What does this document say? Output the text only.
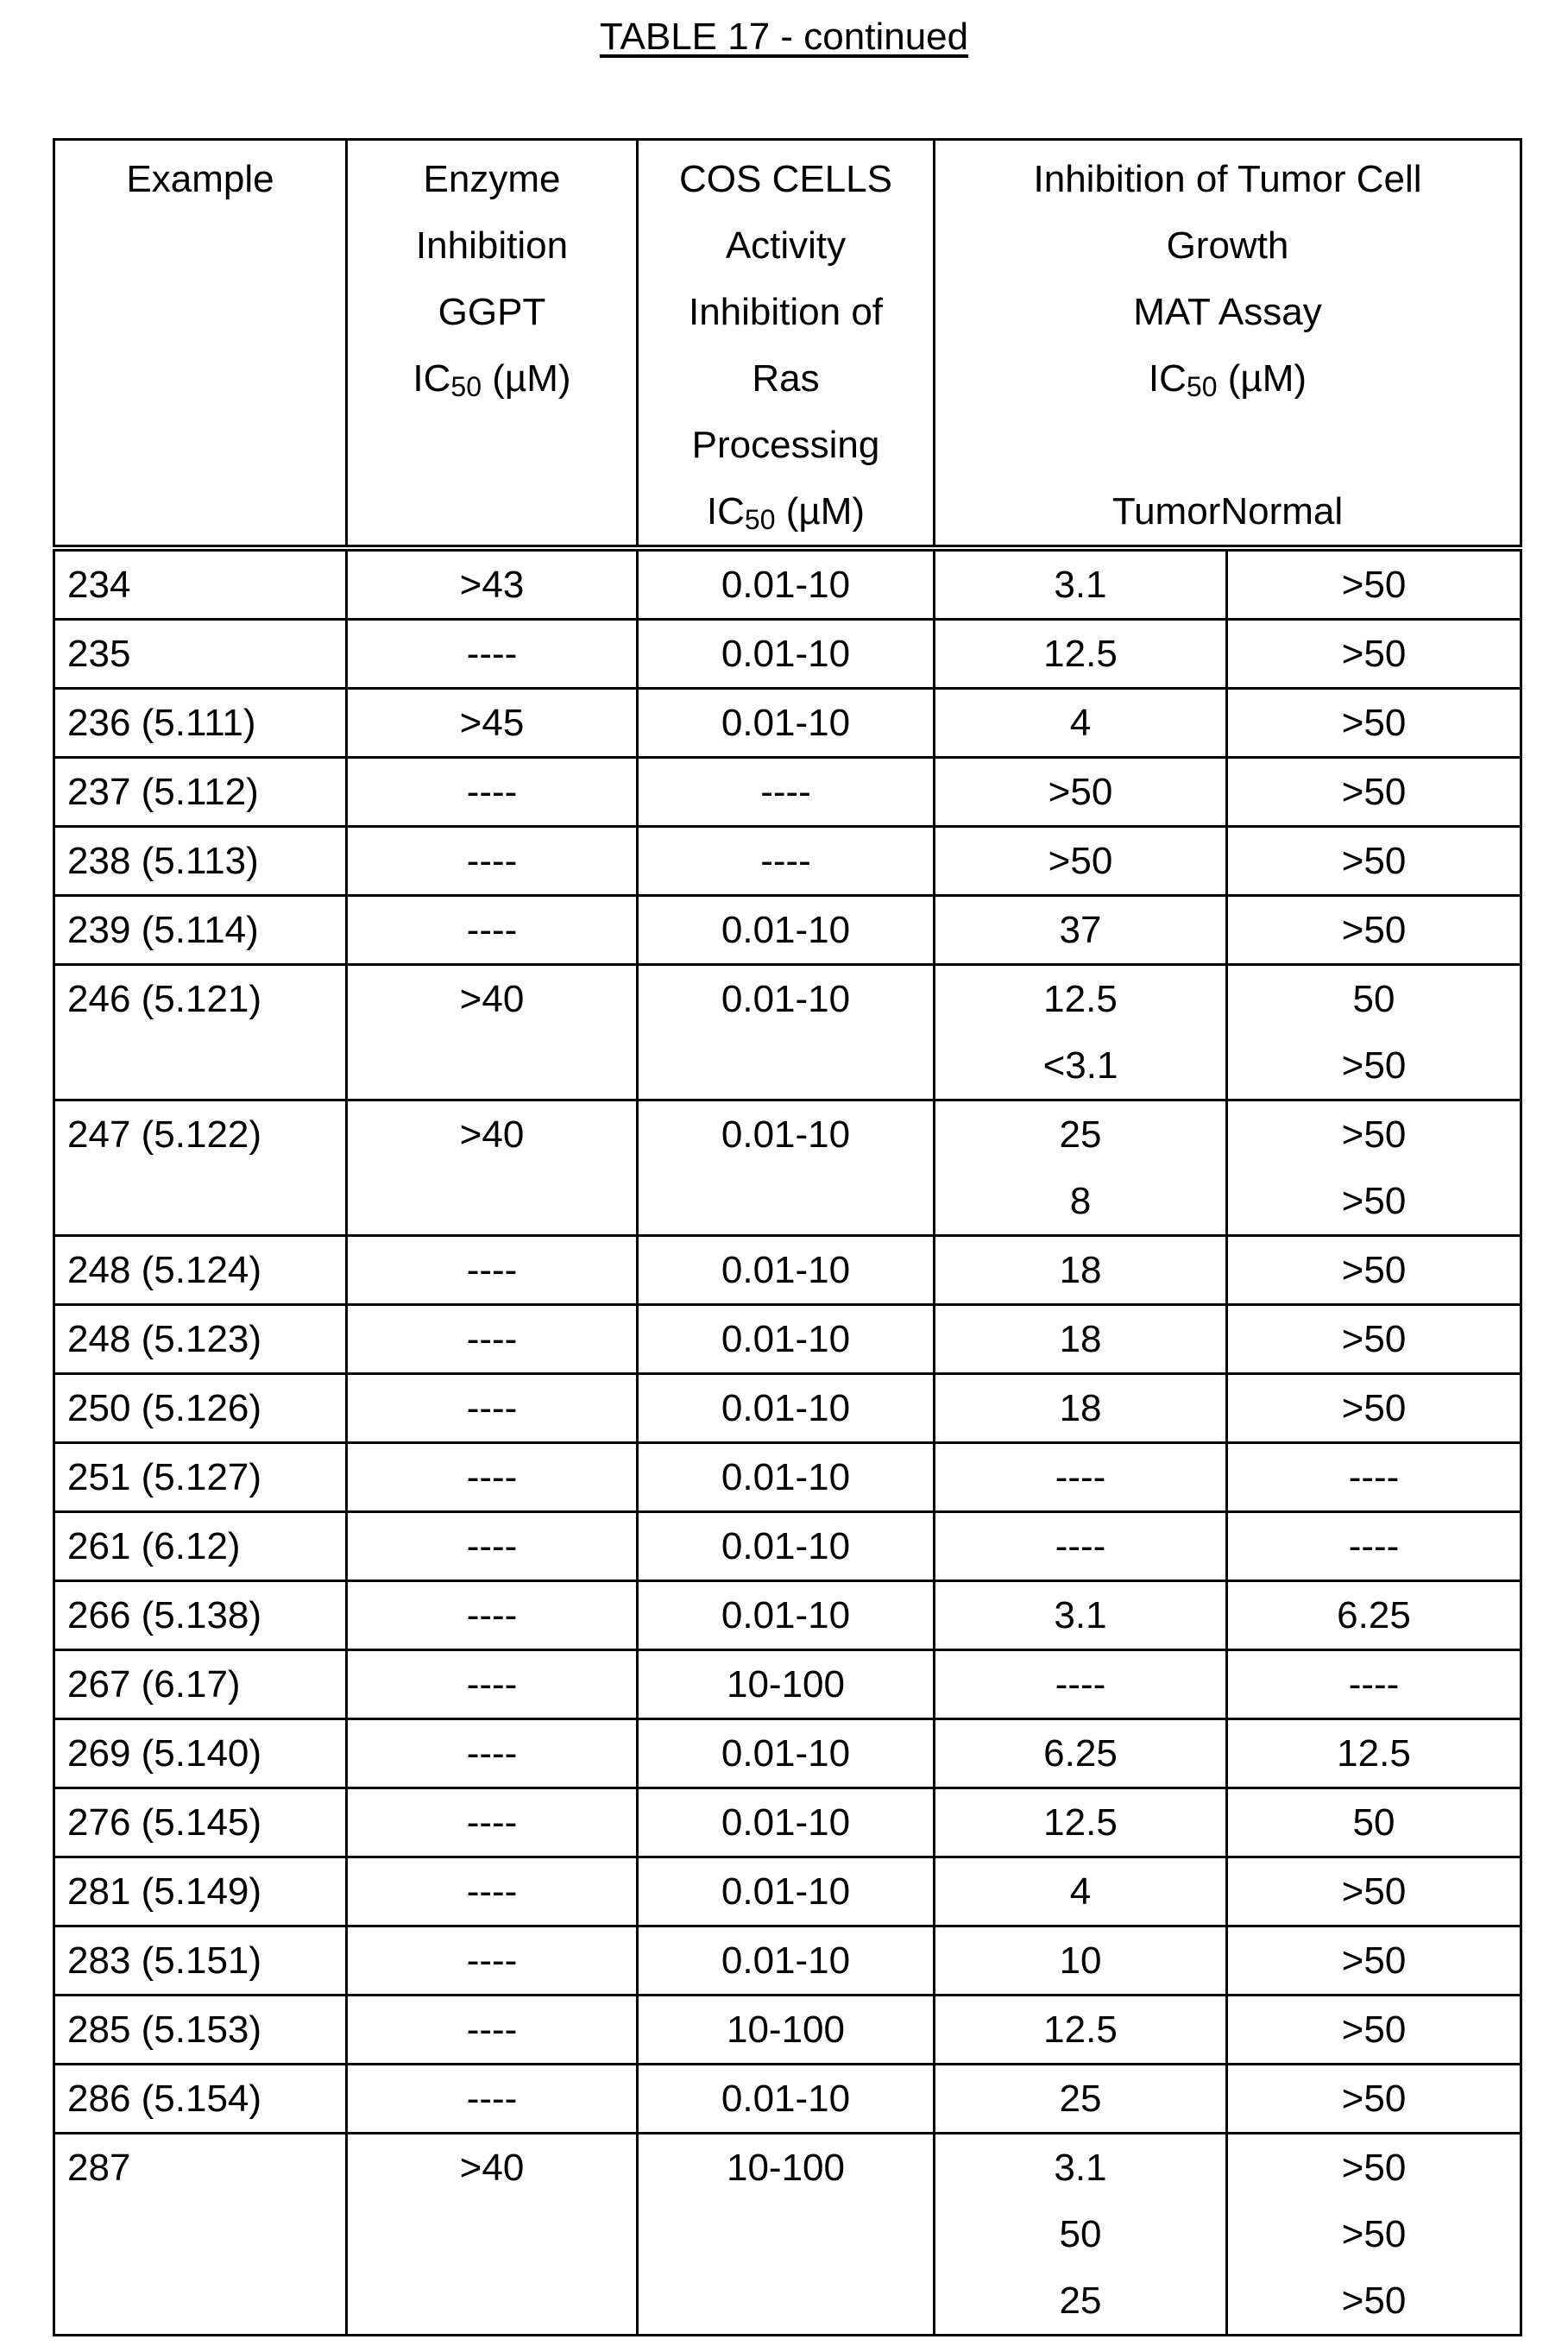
TABLE 17 - continued
Example	Enzyme
Inhibition
GGPT
IC50 (µM)

COS CELLS
Activity
Inhibition of
Ras
Processing
IC50 (µM)

Inhibition of Tumor Cell
Growth
MAT Assay
IC50 (µM)
TumorNormal

234	>43	0.01-10	3.1	>50

235	----	0.01-10	12.5	>50

236 (5.111)	>45	0.01-10	4	>50

237 (5.112)	----	----	>50	>50

238 (5.113)	----	----	>50	>50

239 (5.114)	----	0.01-10	37	>50

246 (5.121)	>40	0.01-10	12.5
<3.1

50
>50

247 (5.122)	>40	0.01-10	25
8

>50
>50

248 (5.124)	----	0.01-10	18	>50

248 (5.123)	----	0.01-10	18	>50

250 (5.126)	----	0.01-10	18	>50

251 (5.127)	----	0.01-10	----	----

261 (6.12)	----	0.01-10	----	----

266 (5.138)	----	0.01-10	3.1	6.25

267 (6.17)	----	10-100	----	----

269 (5.140)	----	0.01-10	6.25	12.5

276 (5.145)	----	0.01-10	12.5	50

281 (5.149)	----	0.01-10	4	>50

283 (5.151)	----	0.01-10	10	>50

285 (5.153)	----	10-100	12.5	>50

286 (5.154)	----	0.01-10	25	>50

287	>40	10-100	3.1
50
25

>50
>50
>50
